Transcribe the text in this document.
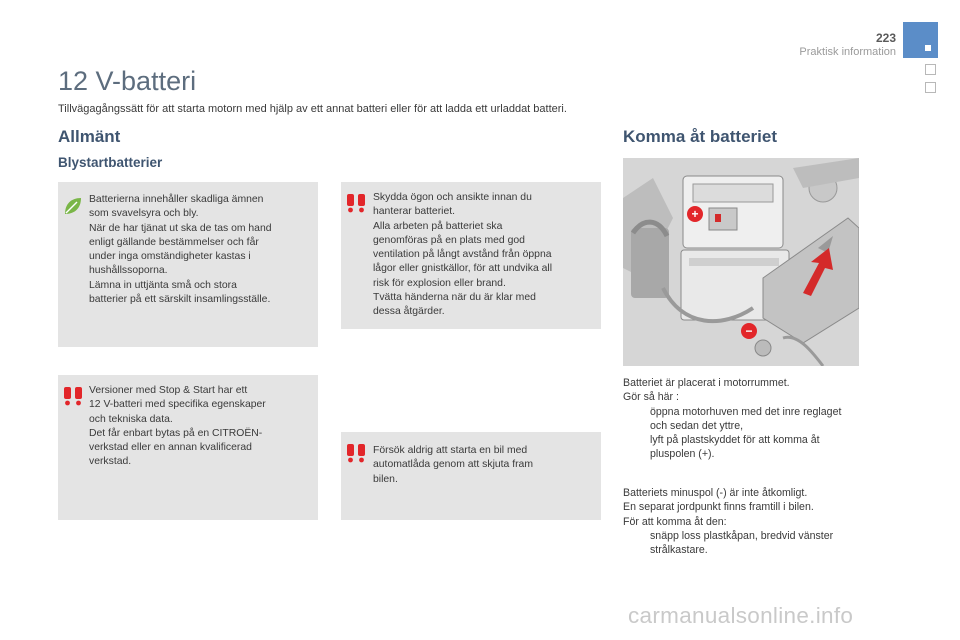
223
Praktisk information
12 V-batteri
Tillvägagångssätt för att starta motorn med hjälp av ett annat batteri eller för att ladda ett urladdat batteri.
Allmänt
Blystartbatterier
Komma åt batteriet

Batterierna innehåller skadliga ämnen

som svavelsyra och bly.

När de har tjänat ut ska de tas om hand

enligt gällande bestämmelser och får

under inga omständigheter kastas i

hushållssoporna.

Lämna in uttjänta små och stora

batterier på ett särskilt insamlingsställe.

Skydda ögon och ansikte innan du

hanterar batteriet.

Alla arbeten på batteriet ska

genomföras på en plats med god

ventilation på långt avstånd från öppna

lågor eller gnistkällor, för att undvika all

risk för explosion eller brand.

Tvätta händerna när du är klar med

dessa åtgärder.

Versioner med Stop & Start har ett

12 V-batteri med specifika egenskaper

och tekniska data.

Det får enbart bytas på en CITROËN-

verkstad eller en annan kvalificerad

verkstad.

Försök aldrig att starta en bil med

automatlåda genom att skjuta fram

bilen.

+
−
Batteriet är placerat i motorrummet.
Gör så här :
öppna motorhuven med det inre reglaget
och sedan det yttre,
lyft på plastskyddet för att komma åt
pluspolen (+).
Batteriets minuspol (-) är inte åtkomligt.
En separat jordpunkt finns framtill i bilen.
För att komma åt den:
snäpp loss plastkåpan, bredvid vänster
strålkastare.
carmanualsonline.info
